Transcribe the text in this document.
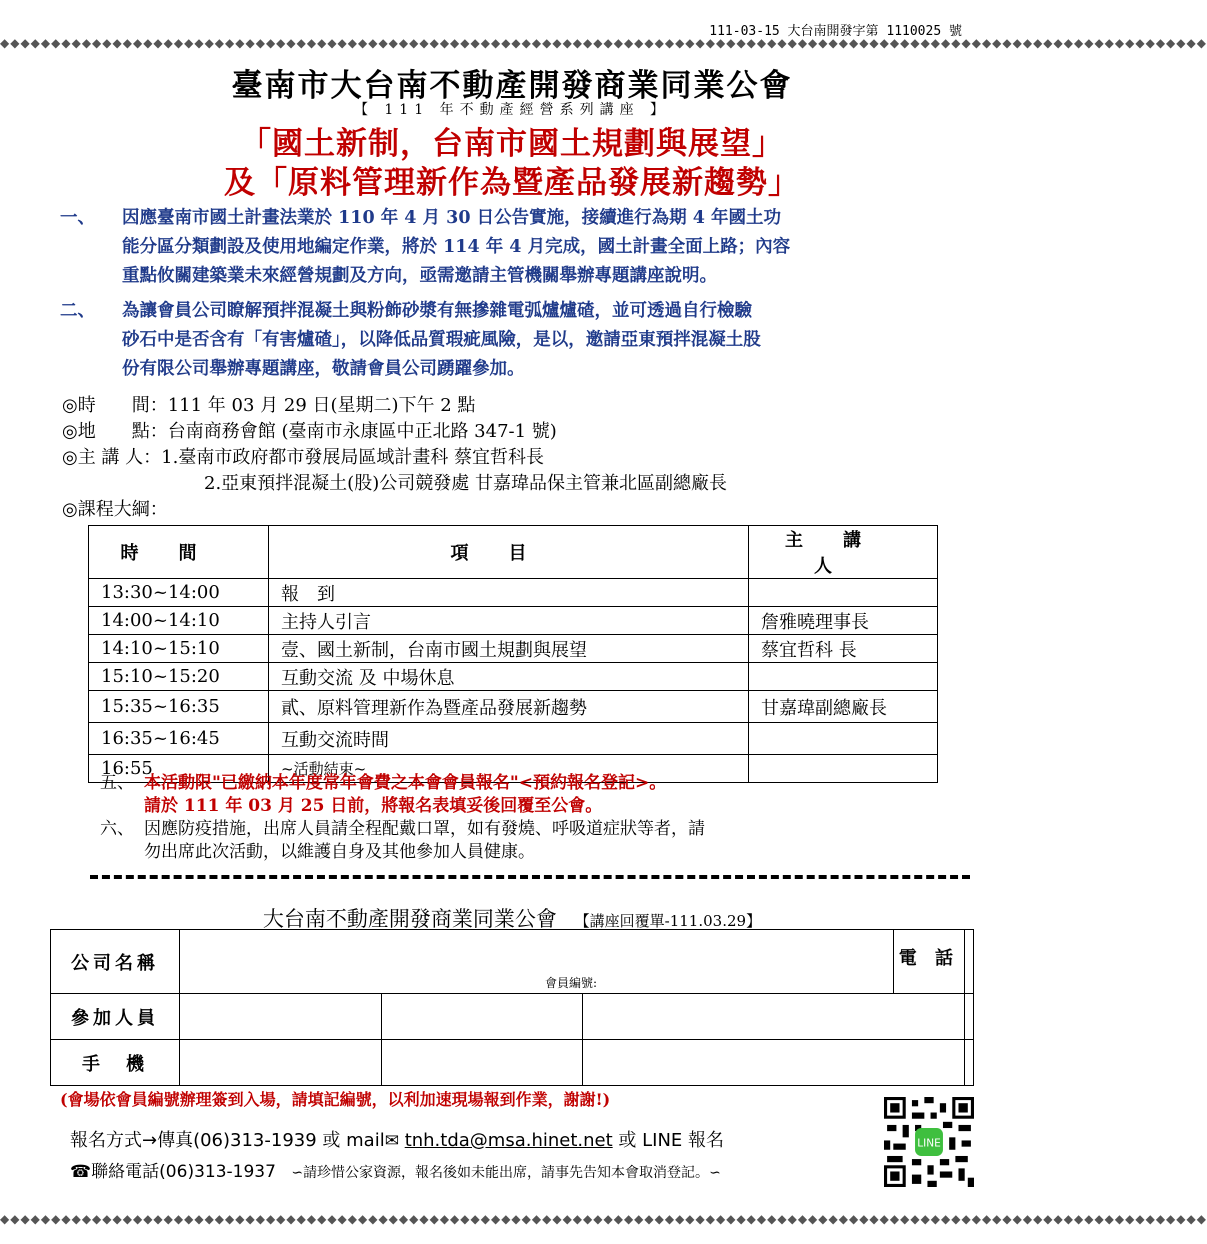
◆◆◆◆◆◆◆◆◆◆◆◆◆◆◆◆◆◆◆◆◆◆◆◆◆◆◆◆◆◆◆◆◆◆◆◆◆◆◆◆◆◆◆◆◆◆◆◆◆◆◆◆◆◆◆◆◆◆◆◆◆◆◆◆◆◆◆◆◆◆◆◆◆◆◆◆◆◆◆◆◆◆◆◆◆◆◆◆◆◆◆◆◆◆◆◆◆◆◆◆◆◆◆◆◆◆◆◆◆◆◆◆◆◆◆◆◆◆
111-03-15 大台南開發字第 1110025 號
臺南市大台南不動產開發商業同業公會
【 111 年不動產經營系列講座 】
「國土新制，台南市國土規劃與展望」
及「原料管理新作為暨產品發展新趨勢」
一、 因應臺南市國土計畫法業於 110 年 4 月 30 日公告實施，接續進行為期 4 年國土功
能分區分類劃設及使用地編定作業，將於 114 年 4 月完成，國土計畫全面上路；內容
重點攸關建築業未來經營規劃及方向，亟需邀請主管機關舉辦專題講座說明。
二、 為讓會員公司瞭解預拌混凝土與粉飾砂漿有無摻雜電弧爐爐碴，並可透過自行檢驗
砂石中是否含有「有害爐碴」，以降低品質瑕疵風險，是以，邀請亞東預拌混凝土股
份有限公司舉辦專題講座，敬請會員公司踴躍參加。
◎時　　間：111 年 03 月 29 日(星期二)下午 2 點
◎地　　點：台南商務會館 (臺南市永康區中正北路 347-1 號)
◎主 講 人：1.臺南市政府都市發展局區域計畫科 蔡宜哲科長
2.亞東預拌混凝土(股)公司競發處 甘嘉瑋品保主管兼北區副總廠長
◎課程大綱：
時間	項目	主講人
13:30~14:00	報　到	
14:00~14:10	主持人引言	詹雅曉理事長
14:10~15:10	壹、國土新制，台南市國土規劃與展望	蔡宜哲科 長
15:10~15:20	互動交流 及 中場休息	
15:35~16:35	貳、原料管理新作為暨產品發展新趨勢	甘嘉瑋副總廠長
16:35~16:45	互動交流時間	
16:55	~活動結束~	
五、 本活動限"已繳納本年度常年會費之本會會員報名"<預約報名登記>。
請於 111 年 03 月 25 日前，將報名表填妥後回覆至公會。
六、 因應防疫措施，出席人員請全程配戴口罩，如有發燒、呼吸道症狀等者，請
勿出席此次活動，以維護自身及其他參加人員健康。
大台南不動產開發商業同業公會 【講座回覆單-111.03.29】
公司名稱	會員編號:			電 話	
參加人員					
手　機					
(會場依會員編號辦理簽到入場，請填記編號，以利加速現場報到作業，謝謝!)
報名方式→傳真(06)313-1939 或 mail✉ tnh.tda@msa.hinet.net 或 LINE 報名
☎聯絡電話(06)313-1937 ∽請珍惜公家資源，報名後如未能出席，請事先告知本會取消登記。∽
LINE
◆◆◆◆◆◆◆◆◆◆◆◆◆◆◆◆◆◆◆◆◆◆◆◆◆◆◆◆◆◆◆◆◆◆◆◆◆◆◆◆◆◆◆◆◆◆◆◆◆◆◆◆◆◆◆◆◆◆◆◆◆◆◆◆◆◆◆◆◆◆◆◆◆◆◆◆◆◆◆◆◆◆◆◆◆◆◆◆◆◆◆◆◆◆◆◆◆◆◆◆◆◆◆◆◆◆◆◆◆◆◆◆◆◆◆◆◆◆
